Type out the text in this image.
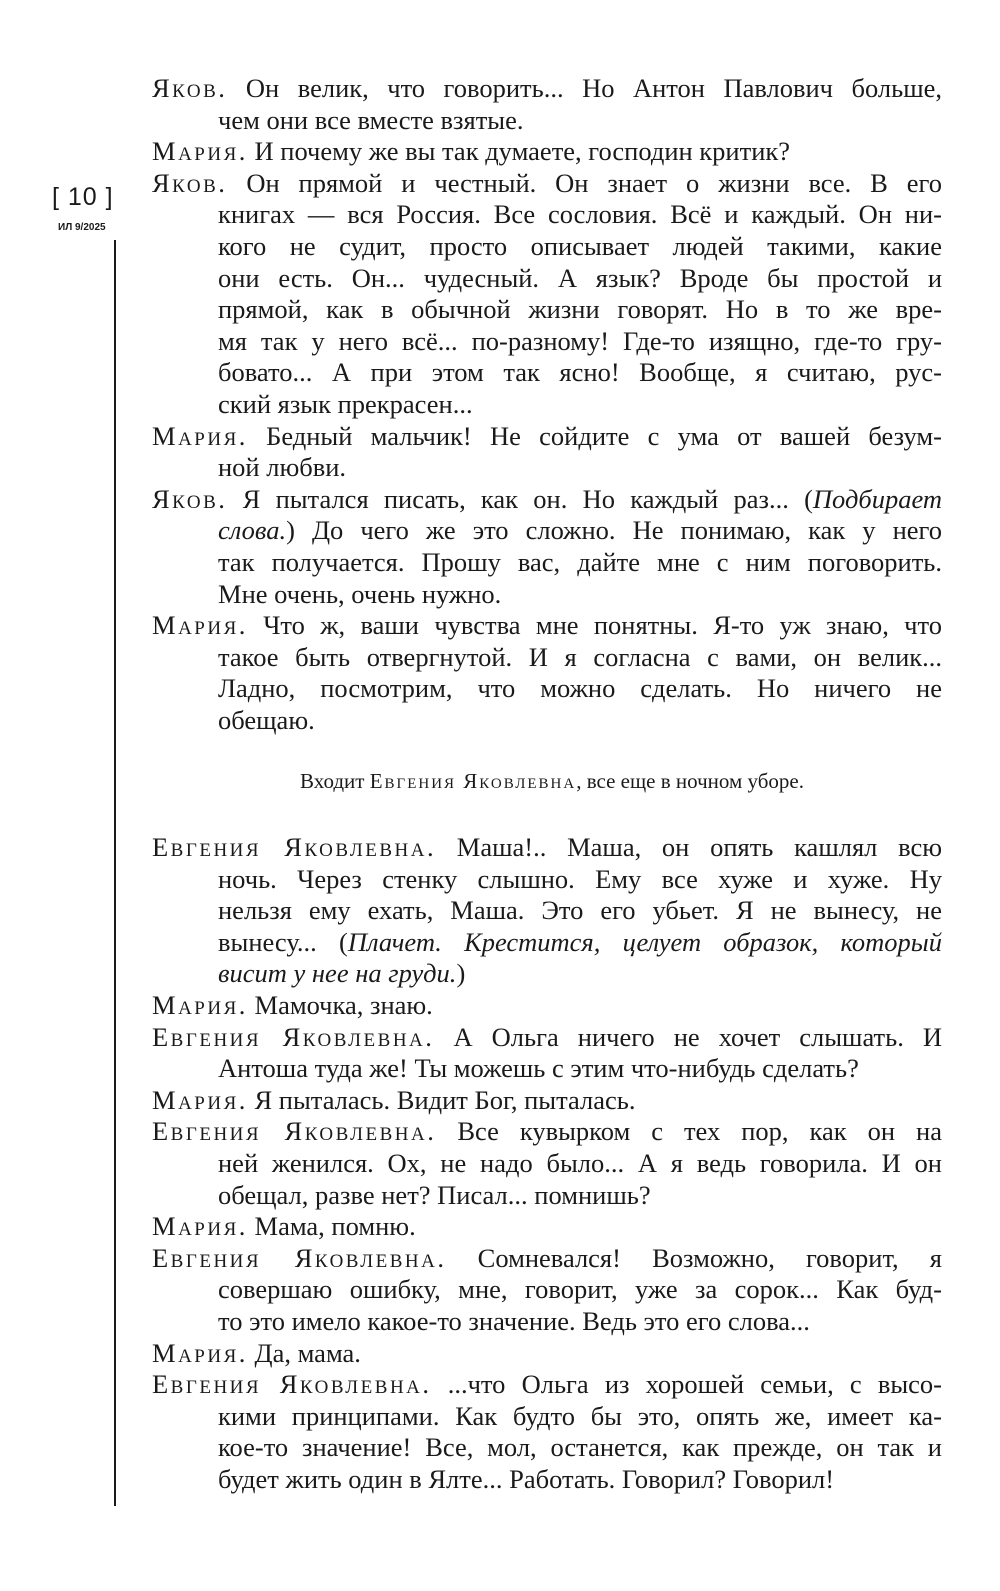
[ 10 ]
ИЛ 9/2025
Яков. Он велик, что говорить... Но Антон Павлович больше,
чем они все вместе взятые.
Мария. И почему же вы так думаете, господин критик?
Яков. Он прямой и честный. Он знает о жизни все. В его
книгах — вся Россия. Все сословия. Всё и каждый. Он ни-
кого не судит, просто описывает людей такими, какие
они есть. Он... чудесный. А язык? Вроде бы простой и
прямой, как в обычной жизни говорят. Но в то же вре-
мя так у него всё... по-разному! Где-то изящно, где-то гру-
бовато... А при этом так ясно! Вообще, я считаю, рус-
ский язык прекрасен...
Мария. Бедный мальчик! Не сойдите с ума от вашей безум-
ной любви.
Яков. Я пытался писать, как он. Но каждый раз... (Подбирает
слова.) До чего же это сложно. Не понимаю, как у него
так получается. Прошу вас, дайте мне с ним поговорить.
Мне очень, очень нужно.
Мария. Что ж, ваши чувства мне понятны. Я-то уж знаю, что
такое быть отвергнутой. И я согласна с вами, он велик...
Ладно, посмотрим, что можно сделать. Но ничего не
обещаю.
Входит Евгения Яковлевна, все еще в ночном уборе.
Евгения Яковлевна. Маша!.. Маша, он опять кашлял всю
ночь. Через стенку слышно. Ему все хуже и хуже. Ну
нельзя ему ехать, Маша. Это его убьет. Я не вынесу, не
вынесу... (Плачет. Крестится, целует образок, который
висит у нее на груди.)
Мария. Мамочка, знаю.
Евгения Яковлевна. А Ольга ничего не хочет слышать. И
Антоша туда же! Ты можешь с этим что-нибудь сделать?
Мария. Я пыталась. Видит Бог, пыталась.
Евгения Яковлевна. Все кувырком с тех пор, как он на
ней женился. Ох, не надо было... А я ведь говорила. И он
обещал, разве нет? Писал... помнишь?
Мария. Мама, помню.
Евгения Яковлевна. Сомневался! Возможно, говорит, я
совершаю ошибку, мне, говорит, уже за сорок... Как буд-
то это имело какое-то значение. Ведь это его слова...
Мария. Да, мама.
Евгения Яковлевна. ...что Ольга из хорошей семьи, с высо-
кими принципами. Как будто бы это, опять же, имеет ка-
кое-то значение! Все, мол, останется, как прежде, он так и
будет жить один в Ялте... Работать. Говорил? Говорил!
